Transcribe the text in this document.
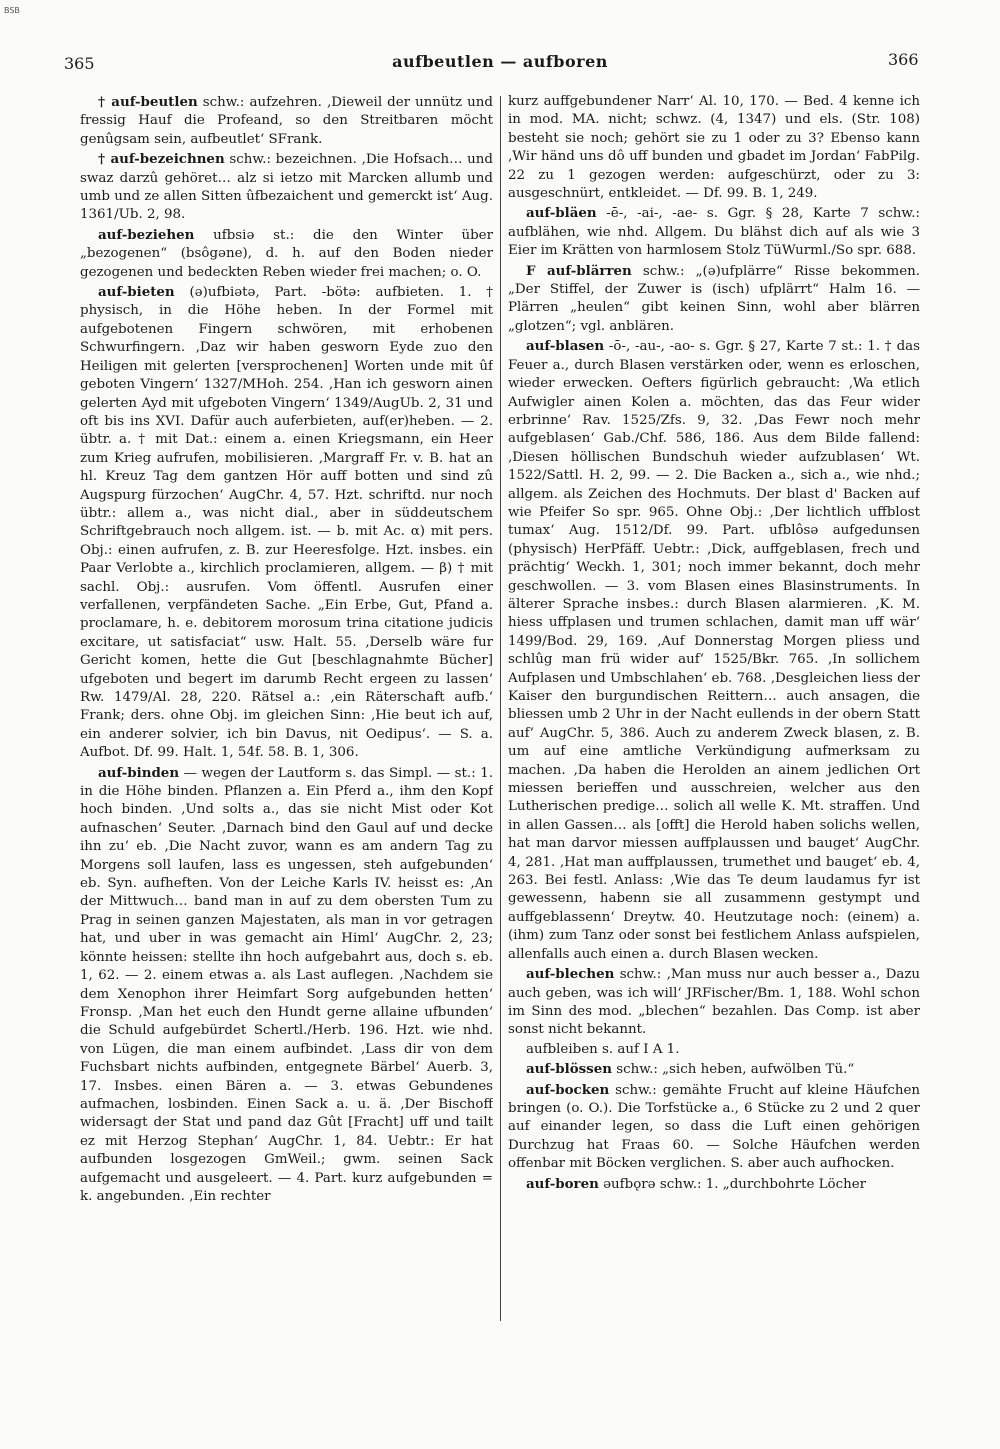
BSB
365	aufbeutlen — aufboren	366
† auf-beutlen schw.: aufzehren. ‚Dieweil der unnütz und fressig Hauf die Profeand, so den Streitbaren möcht genûgsam sein, aufbeutlet‘ SFrank.
† auf-bezeichnen schw.: bezeichnen. ‚Die Hofsach… und swaz darzû gehöret… alz si ietzo mit Marcken allumb und umb und ze allen Sitten ûfbezaichent und gemerckt ist‘ Aug. 1361/Ub. 2, 98.
auf-beziehen ufbsiə st.: die den Winter über „bezogenen“ (bsôgəne), d. h. auf den Boden nieder gezogenen und bedeckten Reben wieder frei machen; o. O.
auf-bieten (ə)ufbiətə, Part. -bötə: aufbieten. 1. † physisch, in die Höhe heben. In der Formel mit aufgebotenen Fingern schwören, mit erhobenen Schwurfingern. ‚Daz wir haben gesworn Eyde zuo den Heiligen mit gelerten [versprochenen] Worten unde mit ûf geboten Vingern‘ 1327/MHoh. 254. ‚Han ich gesworn ainen gelerten Ayd mit ufgeboten Vingern‘ 1349/AugUb. 2, 31 und oft bis ins XVI. Dafür auch auferbieten, auf(er)heben. — 2. übtr. a. † mit Dat.: einem a. einen Kriegsmann, ein Heer zum Krieg aufrufen, mobilisieren. ‚Margraff Fr. v. B. hat an hl. Kreuz Tag dem gantzen Hör auff botten und sind zû Augspurg fürzochen‘ AugChr. 4, 57. Hzt. schriftd. nur noch übtr.: allem a., was nicht dial., aber in süddeutschem Schriftgebrauch noch allgem. ist. — b. mit Ac. α) mit pers. Obj.: einen aufrufen, z. B. zur Heeresfolge. Hzt. insbes. ein Paar Verlobte a., kirchlich proclamieren, allgem. — β) † mit sachl. Obj.: ausrufen. Vom öffentl. Ausrufen einer verfallenen, verpfändeten Sache. „Ein Erbe, Gut, Pfand a. proclamare, h. e. debitorem morosum trina citatione judicis excitare, ut satisfaciat“ usw. Halt. 55. ‚Derselb wäre fur Gericht komen, hette die Gut [beschlagnahmte Bücher] ufgeboten und begert im darumb Recht ergeen zu lassen‘ Rw. 1479/Al. 28, 220. Rätsel a.: ‚ein Räterschaft aufb.‘ Frank; ders. ohne Obj. im gleichen Sinn: ‚Hie beut ich auf, ein anderer solvier, ich bin Davus, nit Oedipus‘. — S. a. Aufbot. Df. 99. Halt. 1, 54f. 58. B. 1, 306.
auf-binden — wegen der Lautform s. das Simpl. — st.: 1. in die Höhe binden. Pflanzen a. Ein Pferd a., ihm den Kopf hoch binden. ‚Und solts a., das sie nicht Mist oder Kot aufnaschen‘ Seuter. ‚Darnach bind den Gaul auf und decke ihn zu‘ eb. ‚Die Nacht zuvor, wann es am andern Tag zu Morgens soll laufen, lass es ungessen, steh aufgebunden‘ eb. Syn. aufheften. Von der Leiche Karls IV. heisst es: ‚An der Mittwuch… band man in auf zu dem obersten Tum zu Prag in seinen ganzen Majestaten, als man in vor getragen hat, und uber in was gemacht ain Himl‘ AugChr. 2, 23; könnte heissen: stellte ihn hoch aufgebahrt aus, doch s. eb. 1, 62. — 2. einem etwas a. als Last auflegen. ‚Nachdem sie dem Xenophon ihrer Heimfart Sorg aufgebunden hetten‘ Fronsp. ‚Man het euch den Hundt gerne allaine ufbunden‘ die Schuld aufgebürdet Schertl./Herb. 196. Hzt. wie nhd. von Lügen, die man einem aufbindet. ‚Lass dir von dem Fuchsbart nichts aufbinden, entgegnete Bärbel‘ Auerb. 3, 17. Insbes. einen Bären a. — 3. etwas Gebundenes aufmachen, losbinden. Einen Sack a. u. ä. ‚Der Bischoff widersagt der Stat und pand daz Gût [Fracht] uff und tailt ez mit Herzog Stephan‘ AugChr. 1, 84. Uebtr.: Er hat aufbunden losgezogen GmWeil.; gwm. seinen Sack aufgemacht und ausgeleert. — 4. Part. kurz aufgebunden = k. angebunden. ‚Ein rechter
kurz auffgebundener Narr‘ Al. 10, 170. — Bed. 4 kenne ich in mod. MA. nicht; schwz. (4, 1347) und els. (Str. 108) besteht sie noch; gehört sie zu 1 oder zu 3? Ebenso kann ‚Wir händ uns dô uff bunden und gbadet im Jordan‘ FabPilg. 22 zu 1 gezogen werden: aufgeschürzt, oder zu 3: ausgeschnürt, entkleidet. — Df. 99. B. 1, 249.
auf-bläen -ē-, -ai-, -ae- s. Ggr. § 28, Karte 7 schw.: aufblähen, wie nhd. Allgem. Du blähst dich auf als wie 3 Eier im Krätten von harmlosem Stolz TüWurml./So spr. 688.
F auf-blärren schw.: „(ə)ufplärre“ Risse bekommen. „Der Stiffel, der Zuwer is (isch) ufplärrt“ Halm 16. — Plärren „heulen“ gibt keinen Sinn, wohl aber blärren „glotzen“; vgl. anblären.
auf-blasen -ō-, -au-, -ao- s. Ggr. § 27, Karte 7 st.: 1. † das Feuer a., durch Blasen verstärken oder, wenn es erloschen, wieder erwecken. Oefters figürlich gebraucht: ‚Wa etlich Aufwigler ainen Kolen a. möchten, das das Feur wider erbrinne‘ Rav. 1525/Zfs. 9, 32. ‚Das Fewr noch mehr aufgeblasen‘ Gab./Chf. 586, 186. Aus dem Bilde fallend: ‚Diesen höllischen Bundschuh wieder aufzublasen‘ Wt. 1522/Sattl. H. 2, 99. — 2. Die Backen a., sich a., wie nhd.; allgem. als Zeichen des Hochmuts. Der blast d' Backen auf wie Pfeifer So spr. 965. Ohne Obj.: ‚Der lichtlich uffblost tumax‘ Aug. 1512/Df. 99. Part. ufblôsə aufgedunsen (physisch) HerPfäff. Uebtr.: ‚Dick, auffgeblasen, frech und prächtig‘ Weckh. 1, 301; noch immer bekannt, doch mehr geschwollen. — 3. vom Blasen eines Blasinstruments. In älterer Sprache insbes.: durch Blasen alarmieren. ‚K. M. hiess uffplasen und trumen schlachen, damit man uff wär‘ 1499/Bod. 29, 169. ‚Auf Donnerstag Morgen pliess und schlûg man frü wider auf‘ 1525/Bkr. 765. ‚In sollichem Aufplasen und Umbschlahen‘ eb. 768. ‚Desgleichen liess der Kaiser den burgundischen Reittern… auch ansagen, die bliessen umb 2 Uhr in der Nacht eullends in der obern Statt auf‘ AugChr. 5, 386. Auch zu anderem Zweck blasen, z. B. um auf eine amtliche Verkündigung aufmerksam zu machen. ‚Da haben die Herolden an ainem jedlichen Ort miessen berieffen und ausschreien, welcher aus den Lutherischen predige… solich all welle K. Mt. straffen. Und in allen Gassen… als [offt] die Herold haben solichs wellen, hat man darvor miessen auffplaussen und bauget‘ AugChr. 4, 281. ‚Hat man auffplaussen, trumethet und bauget‘ eb. 4, 263. Bei festl. Anlass: ‚Wie das Te deum laudamus fyr ist gewessenn, habenn sie all zusammenn gestympt und auffgeblassenn‘ Dreytw. 40. Heutzutage noch: (einem) a. (ihm) zum Tanz oder sonst bei festlichem Anlass aufspielen, allenfalls auch einen a. durch Blasen wecken.
auf-blechen schw.: ‚Man muss nur auch besser a., Dazu auch geben, was ich will‘ JRFischer/Bm. 1, 188. Wohl schon im Sinn des mod. „blechen“ bezahlen. Das Comp. ist aber sonst nicht bekannt.
aufbleiben s. auf I A 1.
auf-blössen schw.: „sich heben, aufwölben Tü.“
auf-bocken schw.: gemähte Frucht auf kleine Häufchen bringen (o. O.). Die Torfstücke a., 6 Stücke zu 2 und 2 quer auf einander legen, so dass die Luft einen gehörigen Durchzug hat Fraas 60. — Solche Häufchen werden offenbar mit Böcken verglichen. S. aber auch aufhocken.
auf-boren əufbǫrə schw.: 1. „durchbohrte Löcher
